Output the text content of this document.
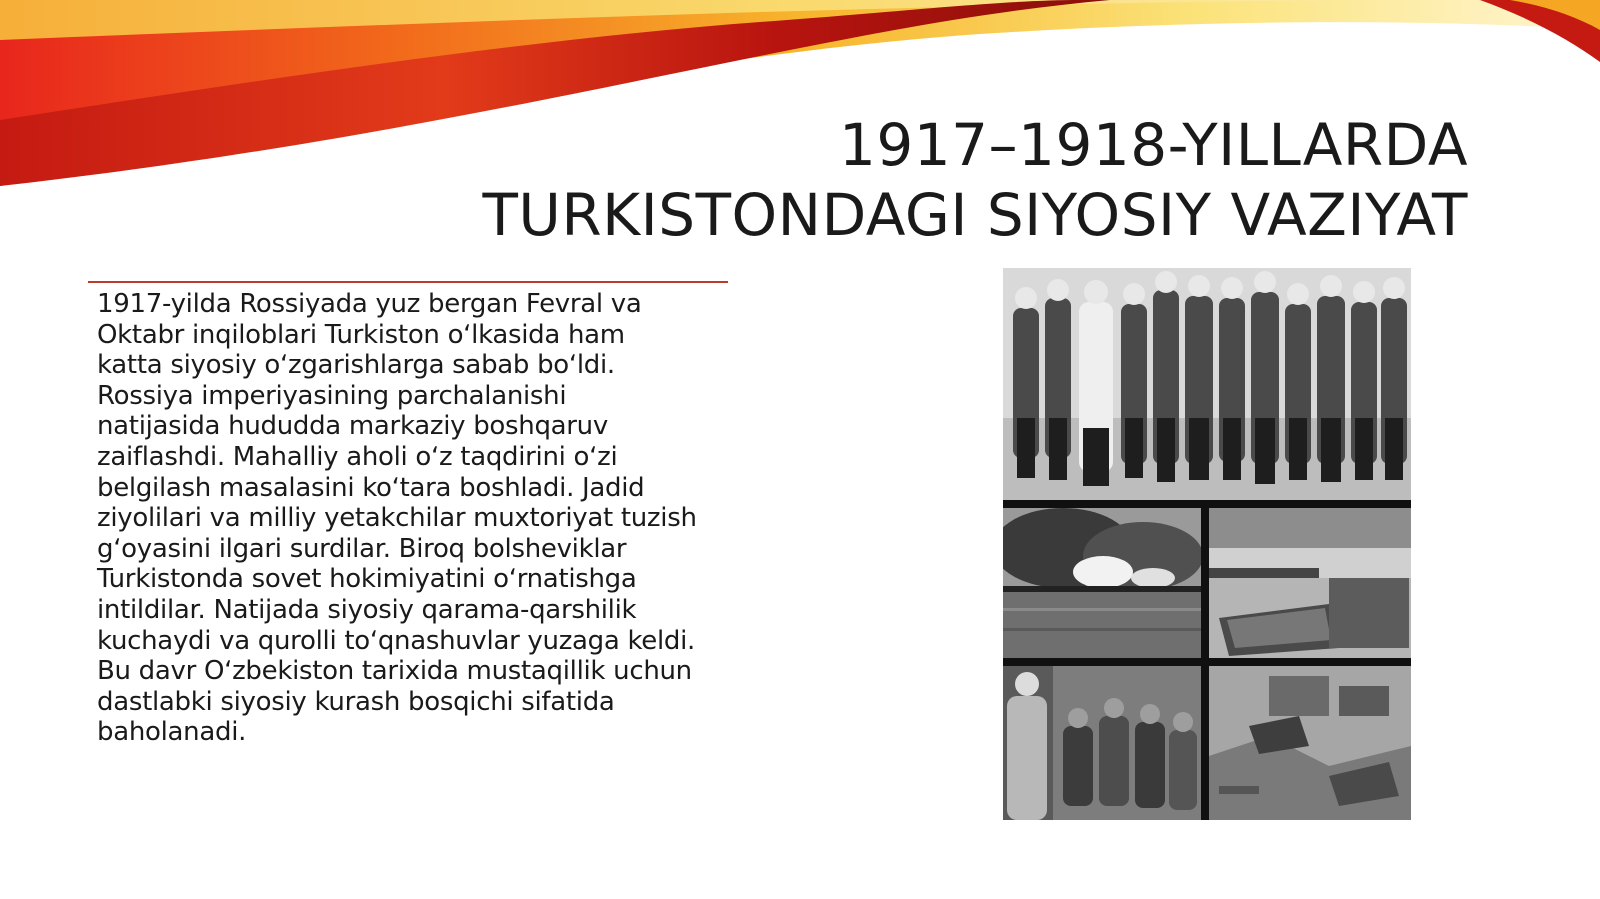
1917–1918-YILLARDA
TURKISTONDAGI SIYOSIY VAZIYAT
1917-yilda Rossiyada yuz bergan Fevral va
Oktabr inqiloblari Turkiston oʻlkasida ham
katta siyosiy oʻzgarishlarga sabab boʻldi.
Rossiya imperiyasining parchalanishi
natijasida hududda markaziy boshqaruv
zaiflashdi. Mahalliy aholi oʻz taqdirini oʻzi
belgilash masalasini koʻtara boshladi. Jadid
ziyolilari va milliy yetakchilar muxtoriyat tuzish
gʻoyasini ilgari surdilar. Biroq bolsheviklar
Turkistonda sovet hokimiyatini oʻrnatishga
intildilar. Natijada siyosiy qarama-qarshilik
kuchaydi va qurolli toʻqnashuvlar yuzaga keldi.
Bu davr Oʻzbekiston tarixida mustaqillik uchun
dastlabki siyosiy kurash bosqichi sifatida
baholanadi.
